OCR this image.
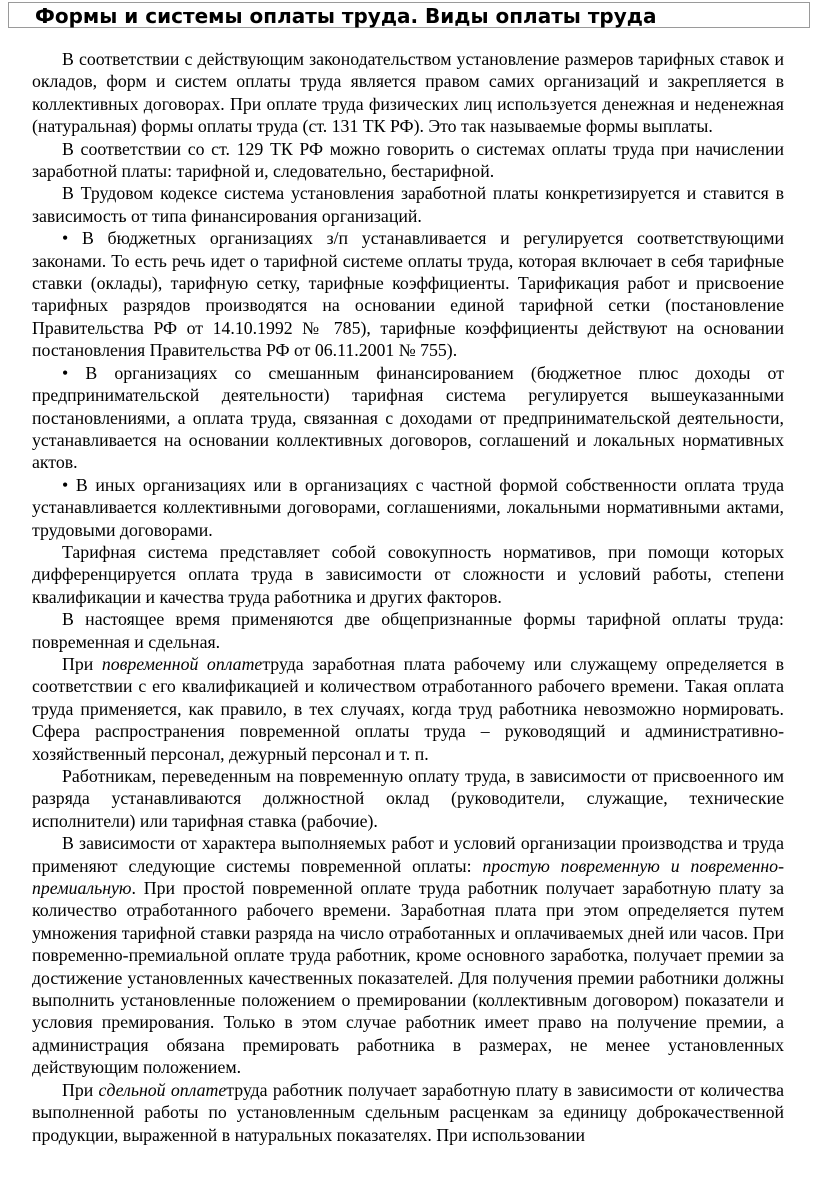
Формы и системы оплаты труда. Виды оплаты труда

В соответствии с действующим законодательством установление размеров тарифных ставок и окладов, форм и систем оплаты труда является правом самих организаций и закрепляется в коллективных договорах. При оплате труда физических лиц используется денежная и неденежная (натуральная) формы оплаты труда (ст. 131 ТК РФ). Это так называемые формы выплаты.

В соответствии со ст. 129 ТК РФ можно говорить о системах оплаты труда при начислении заработной платы: тарифной и, следовательно, бестарифной.

В Трудовом кодексе система установления заработной платы конкретизируется и ставится в зависимость от типа финансирования организаций.

• В бюджетных организациях з/п устанавливается и регулируется соответствующими законами. То есть речь идет о тарифной системе оплаты труда, которая включает в себя тарифные ставки (оклады), тарифную сетку, тарифные коэффициенты. Тарификация работ и присвоение тарифных разрядов производятся на основании единой тарифной сетки (постановление Правительства РФ от 14.10.1992 № 785), тарифные коэффициенты действуют на основании постановления Правительства РФ от 06.11.2001 № 755).

• В организациях со смешанным финансированием (бюджетное плюс доходы от предпринимательской деятельности) тарифная система регулируется вышеуказанными постановлениями, а оплата труда, связанная с доходами от предпринимательской деятельности, устанавливается на основании коллективных договоров, соглашений и локальных нормативных актов.

• В иных организациях или в организациях с частной формой собственности оплата труда устанавливается коллективными договорами, соглашениями, локальными нормативными актами, трудовыми договорами.

Тарифная система представляет собой совокупность нормативов, при помощи которых дифференцируется оплата труда в зависимости от сложности и условий работы, степени квалификации и качества труда работника и других факторов.

В настоящее время применяются две общепризнанные формы тарифной оплаты труда: повременная и сдельная.

При повременной оплатетруда заработная плата рабочему или служащему определяется в соответствии с его квалификацией и количеством отработанного рабочего времени. Такая оплата труда применяется, как правило, в тех случаях, когда труд работника невозможно нормировать. Сфера распространения повременной оплаты труда – руководящий и административно-хозяйственный персонал, дежурный персонал и т. п.

Работникам, переведенным на повременную оплату труда, в зависимости от присвоенного им разряда устанавливаются должностной оклад (руководители, служащие, технические исполнители) или тарифная ставка (рабочие).

В зависимости от характера выполняемых работ и условий организации производства и труда применяют следующие системы повременной оплаты: простую повременную и повременно-премиальную. При простой повременной оплате труда работник получает заработную плату за количество отработанного рабочего времени. Заработная плата при этом определяется путем умножения тарифной ставки разряда на число отработанных и оплачиваемых дней или часов. При повременно-премиальной оплате труда работник, кроме основного заработка, получает премии за достижение установленных качественных показателей. Для получения премии работники должны выполнить установленные положением о премировании (коллективным договором) показатели и условия премирования. Только в этом случае работник имеет право на получение премии, а администрация обязана премировать работника в размерах, не менее установленных действующим положением.

При сдельной оплатетруда работник получает заработную плату в зависимости от количества выполненной работы по установленным сдельным расценкам за единицу доброкачественной продукции, выраженной в натуральных показателях. При использовании
